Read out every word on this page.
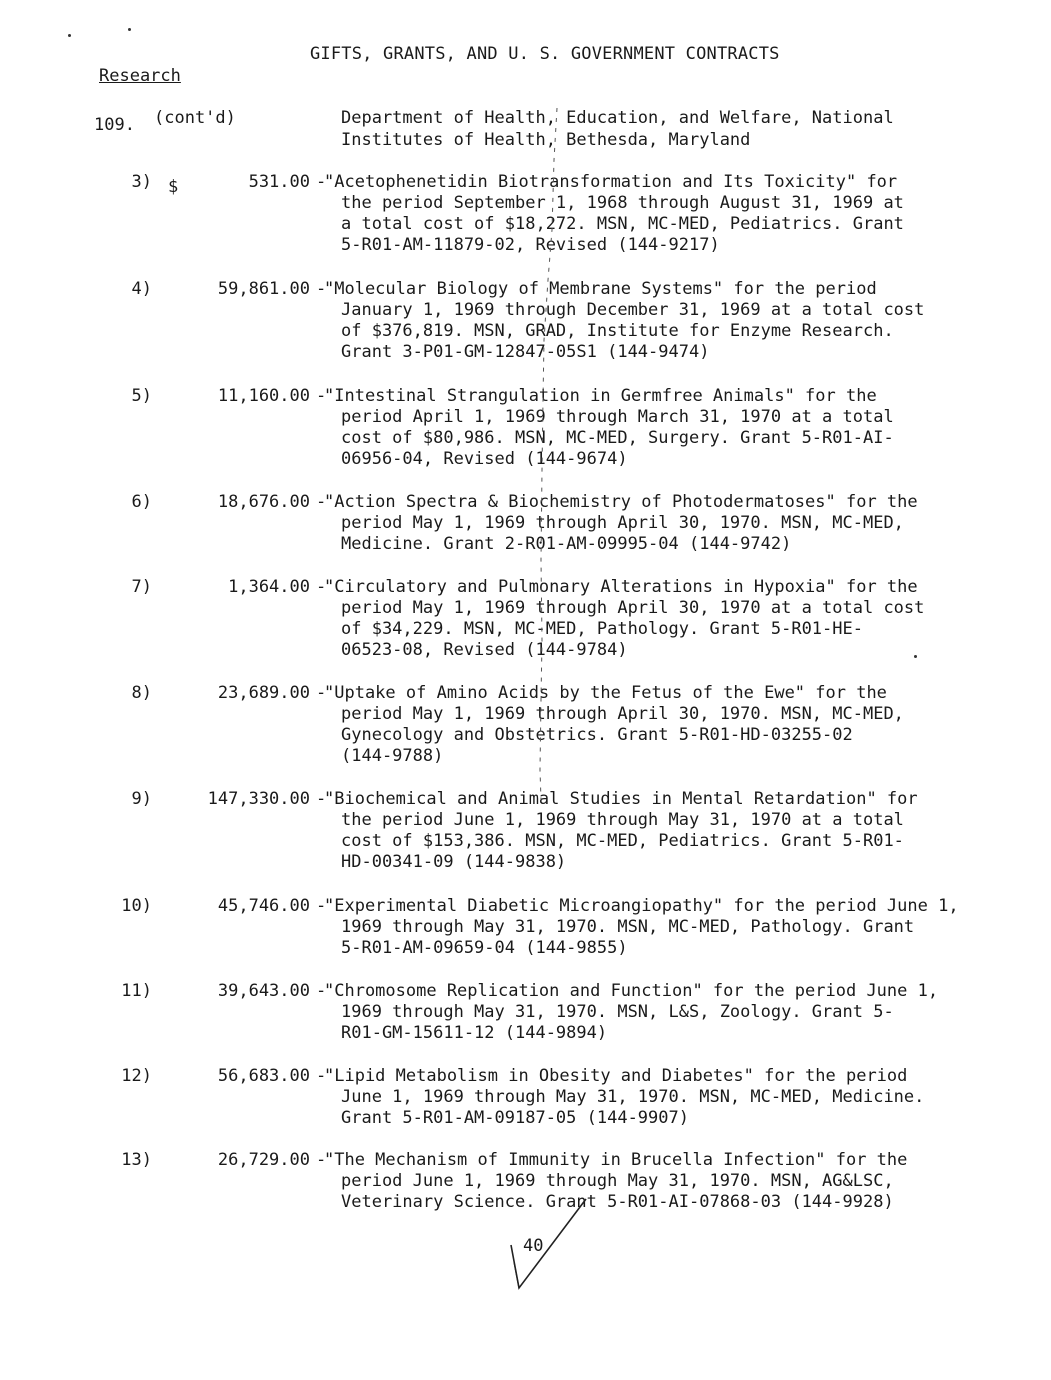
GIFTS, GRANTS, AND U. S. GOVERNMENT CONTRACTS
Research
109. (cont'd)	Department of Health, Education, and Welfare, National
Institutes of Health, Bethesda, Maryland
3) $	531.00 -
"Acetophenetidin Biotransformation and Its Toxicity" for
the period September 1, 1968 through August 31, 1969 at
a total cost of $18,272. MSN, MC-MED, Pediatrics. Grant
5-R01-AM-11879-02, Revised (144-9217)
4)	59,861.00 -
"Molecular Biology of Membrane Systems" for the period
January 1, 1969 through December 31, 1969 at a total cost
of $376,819. MSN, GRAD, Institute for Enzyme Research.
Grant 3-P01-GM-12847-05S1 (144-9474)
5)	11,160.00 -
"Intestinal Strangulation in Germfree Animals" for the
period April 1, 1969 through March 31, 1970 at a total
cost of $80,986. MSN, MC-MED, Surgery. Grant 5-R01-AI-
06956-04, Revised (144-9674)
6)	18,676.00 -
"Action Spectra & Biochemistry of Photodermatoses" for the
period May 1, 1969 through April 30, 1970. MSN, MC-MED,
Medicine. Grant 2-R01-AM-09995-04 (144-9742)
7)	1,364.00 -
"Circulatory and Pulmonary Alterations in Hypoxia" for the
period May 1, 1969 through April 30, 1970 at a total cost
of $34,229. MSN, MC-MED, Pathology. Grant 5-R01-HE-
06523-08, Revised (144-9784)
8)	23,689.00 -
"Uptake of Amino Acids by the Fetus of the Ewe" for the
period May 1, 1969 through April 30, 1970. MSN, MC-MED,
Gynecology and Obstetrics. Grant 5-R01-HD-03255-02
(144-9788)
9)	147,330.00 -
"Biochemical and Animal Studies in Mental Retardation" for
the period June 1, 1969 through May 31, 1970 at a total
cost of $153,386. MSN, MC-MED, Pediatrics. Grant 5-R01-
HD-00341-09 (144-9838)
10)	45,746.00 -
"Experimental Diabetic Microangiopathy" for the period June 1,
1969 through May 31, 1970. MSN, MC-MED, Pathology. Grant
5-R01-AM-09659-04 (144-9855)
11)	39,643.00 -
"Chromosome Replication and Function" for the period June 1,
1969 through May 31, 1970. MSN, L&S, Zoology. Grant 5-
R01-GM-15611-12 (144-9894)
12)	56,683.00 -
"Lipid Metabolism in Obesity and Diabetes" for the period
June 1, 1969 through May 31, 1970. MSN, MC-MED, Medicine.
Grant 5-R01-AM-09187-05 (144-9907)
13)	26,729.00 -
"The Mechanism of Immunity in Brucella Infection" for the
period June 1, 1969 through May 31, 1970. MSN, AG&LSC,
Veterinary Science. Grant 5-R01-AI-07868-03 (144-9928)
40
